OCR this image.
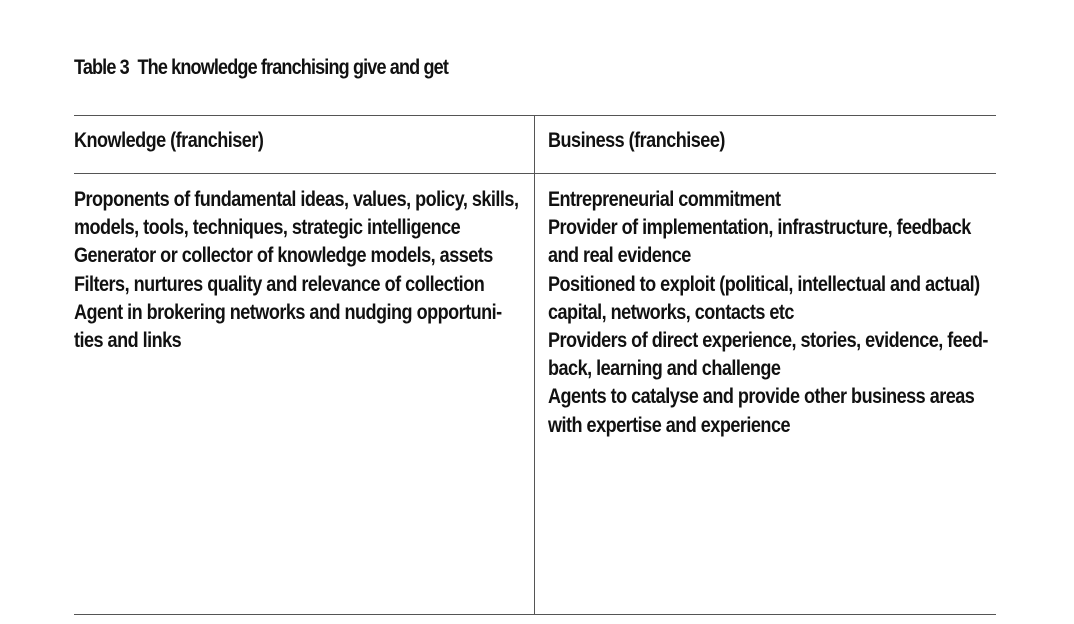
Table 3 The knowledge franchising give and get
Knowledge (franchiser)	Business (franchisee)
Proponents of fundamental ideas, values, policy, skills,
models, tools, techniques, strategic intelligence
Generator or collector of knowledge models, assets
Filters, nurtures quality and relevance of collection
Agent in brokering networks and nudging opportuni-
ties and links
Entrepreneurial commitment
Provider of implementation, infrastructure, feedback
and real evidence
Positioned to exploit (political, intellectual and actual)
capital, networks, contacts etc
Providers of direct experience, stories, evidence, feed-
back, learning and challenge
Agents to catalyse and provide other business areas
with expertise and experience
